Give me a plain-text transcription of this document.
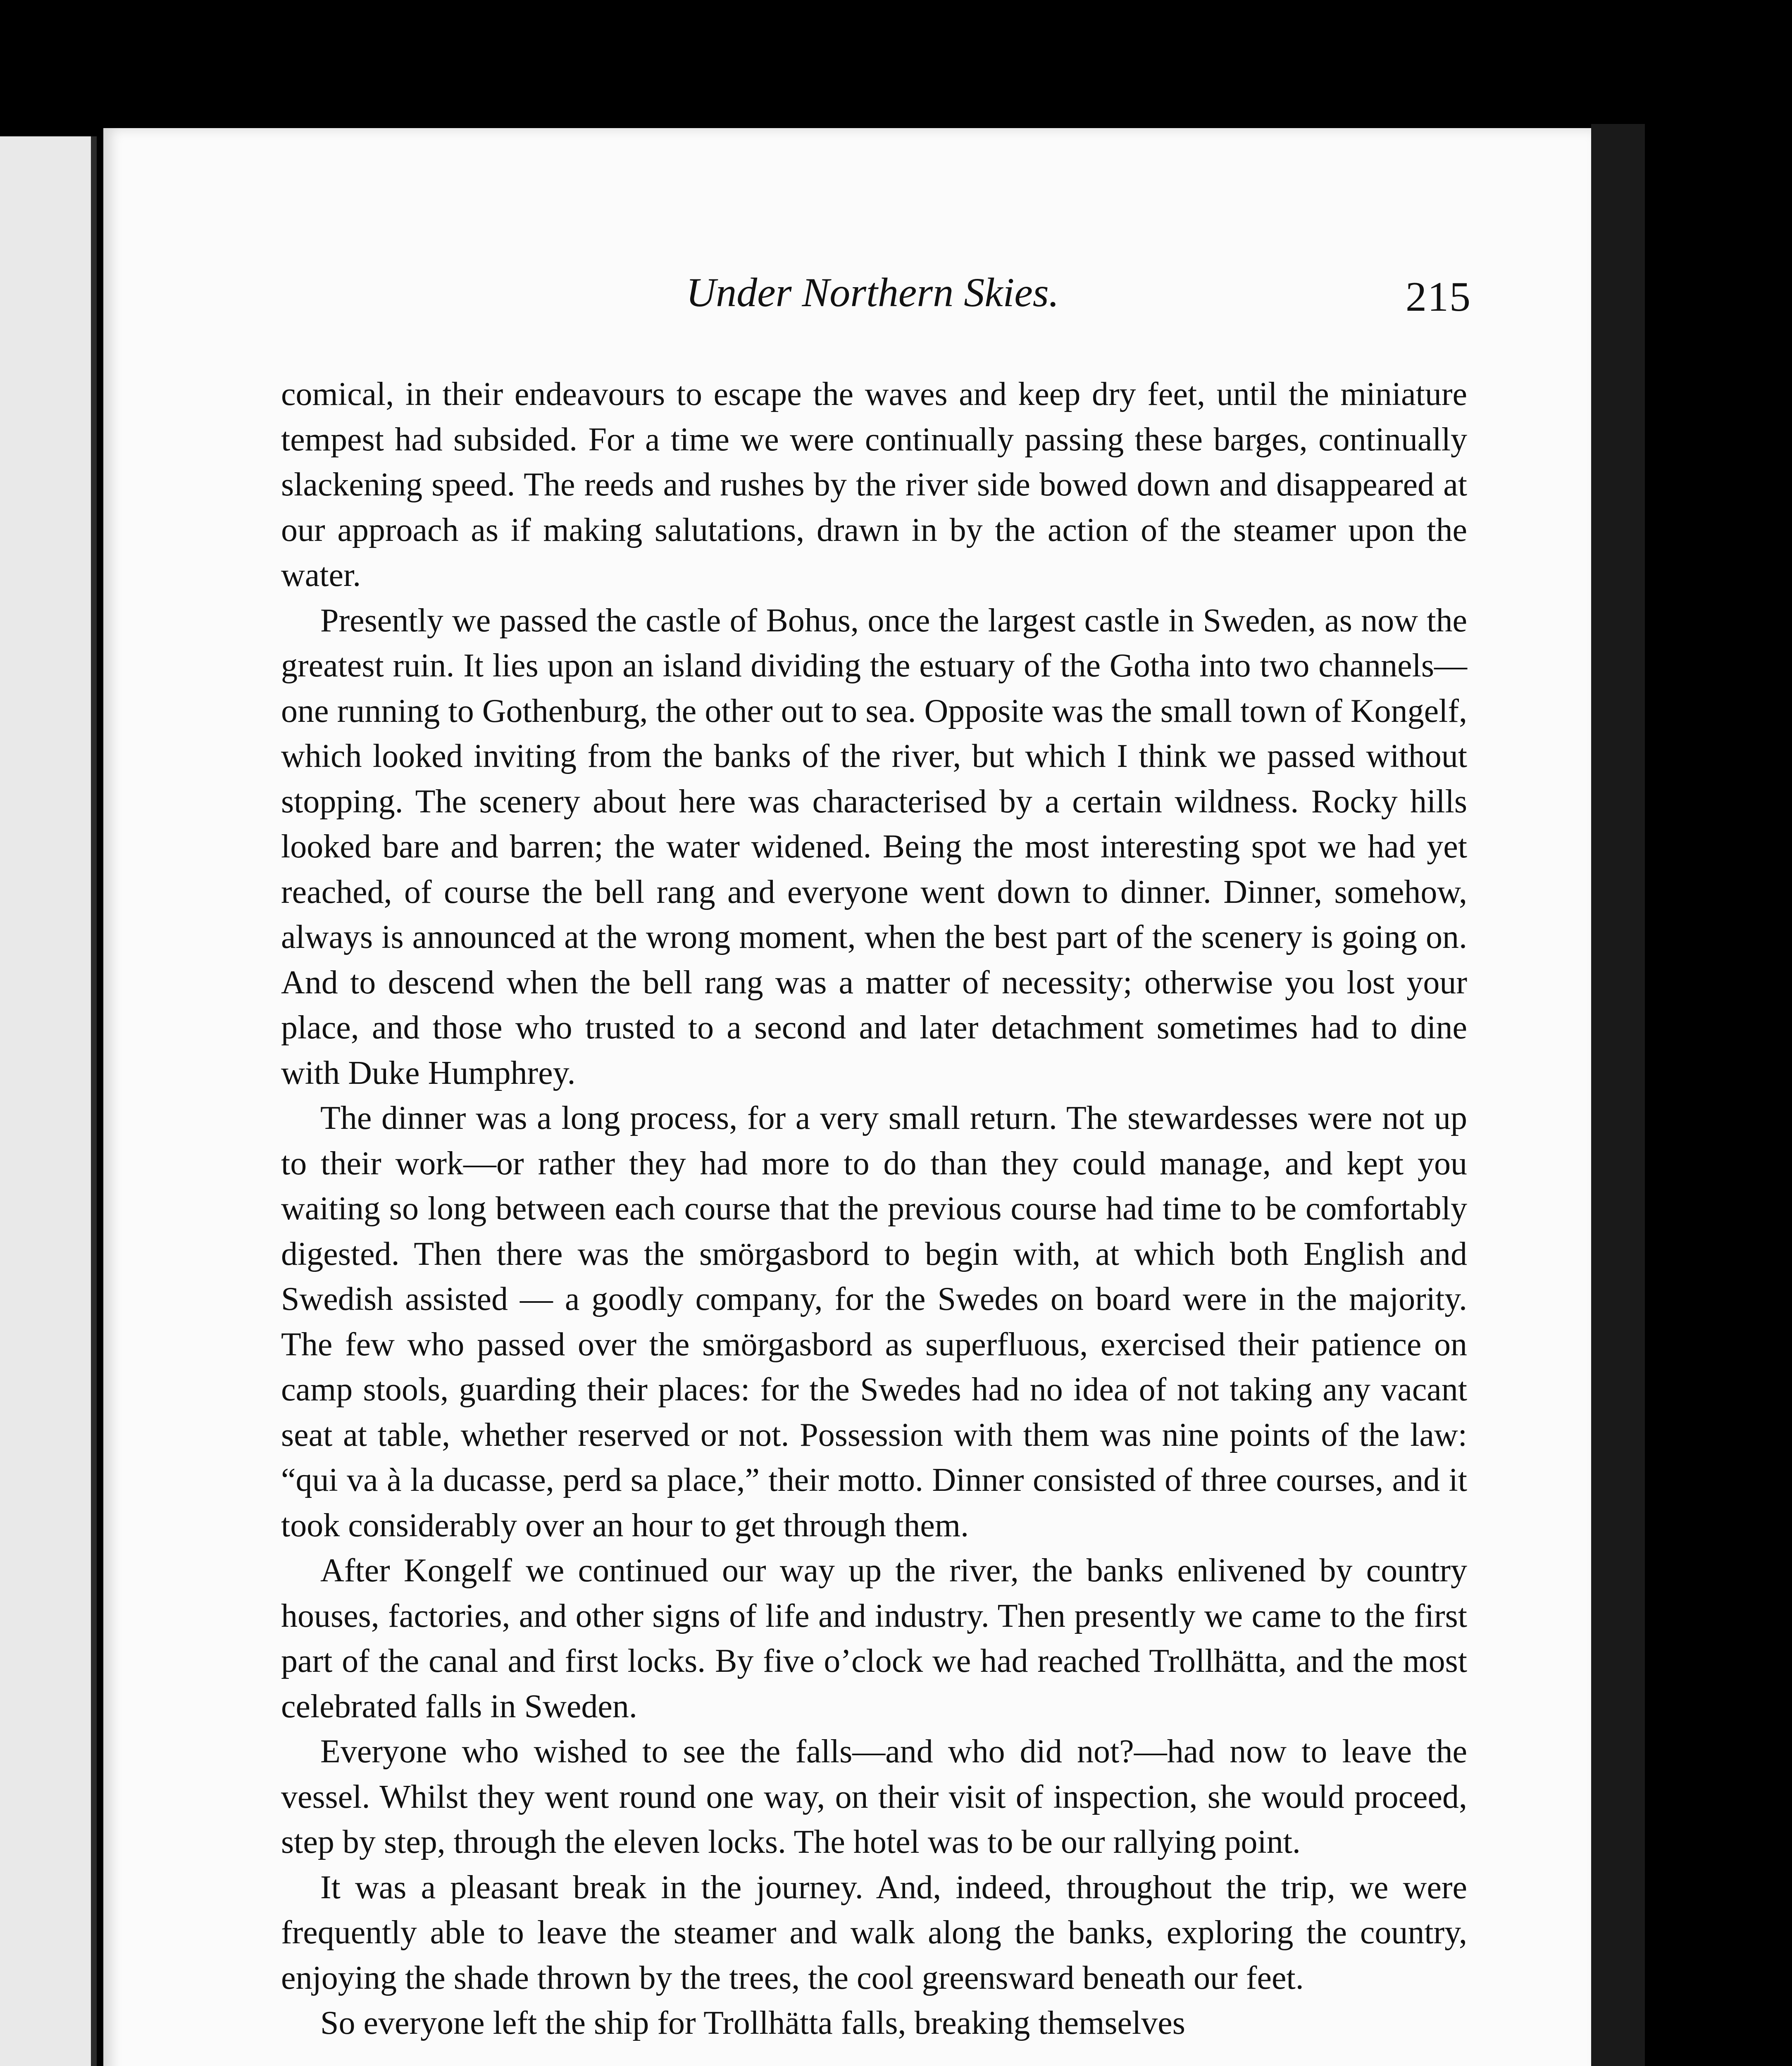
Under Northern Skies.	215

comical, in their endeavours to escape the waves and keep dry feet, until the miniature tempest had subsided. For a time we were continually passing these barges, continually slackening speed. The reeds and rushes by the river side bowed down and disappeared at our approach as if making salutations, drawn in by the action of the steamer upon the water.

Presently we passed the castle of Bohus, once the largest castle in Sweden, as now the greatest ruin. It lies upon an island dividing the estuary of the Gotha into two channels—one running to Gothenburg, the other out to sea. Opposite was the small town of Kongelf, which looked inviting from the banks of the river, but which I think we passed without stopping. The scenery about here was characterised by a certain wildness. Rocky hills looked bare and barren; the water widened. Being the most interesting spot we had yet reached, of course the bell rang and everyone went down to dinner. Dinner, somehow, always is announced at the wrong moment, when the best part of the scenery is going on. And to descend when the bell rang was a matter of necessity; otherwise you lost your place, and those who trusted to a second and later detachment sometimes had to dine with Duke Humphrey.

The dinner was a long process, for a very small return. The stewardesses were not up to their work—or rather they had more to do than they could manage, and kept you waiting so long between each course that the previous course had time to be comfortably digested. Then there was the smörgasbord to begin with, at which both English and Swedish assisted — a goodly company, for the Swedes on board were in the majority. The few who passed over the smörgasbord as superfluous, exercised their patience on camp stools, guarding their places: for the Swedes had no idea of not taking any vacant seat at table, whether reserved or not. Possession with them was nine points of the law: “qui va à la ducasse, perd sa place,” their motto. Dinner consisted of three courses, and it took considerably over an hour to get through them.

After Kongelf we continued our way up the river, the banks enlivened by country houses, factories, and other signs of life and industry. Then presently we came to the first part of the canal and first locks. By five o’clock we had reached Trollhätta, and the most celebrated falls in Sweden.

Everyone who wished to see the falls—and who did not?—had now to leave the vessel. Whilst they went round one way, on their visit of inspection, she would proceed, step by step, through the eleven locks. The hotel was to be our rallying point.

It was a pleasant break in the journey. And, indeed, throughout the trip, we were frequently able to leave the steamer and walk along the banks, exploring the country, enjoying the shade thrown by the trees, the cool greensward beneath our feet.

So everyone left the ship for Trollhätta falls, breaking themselves
